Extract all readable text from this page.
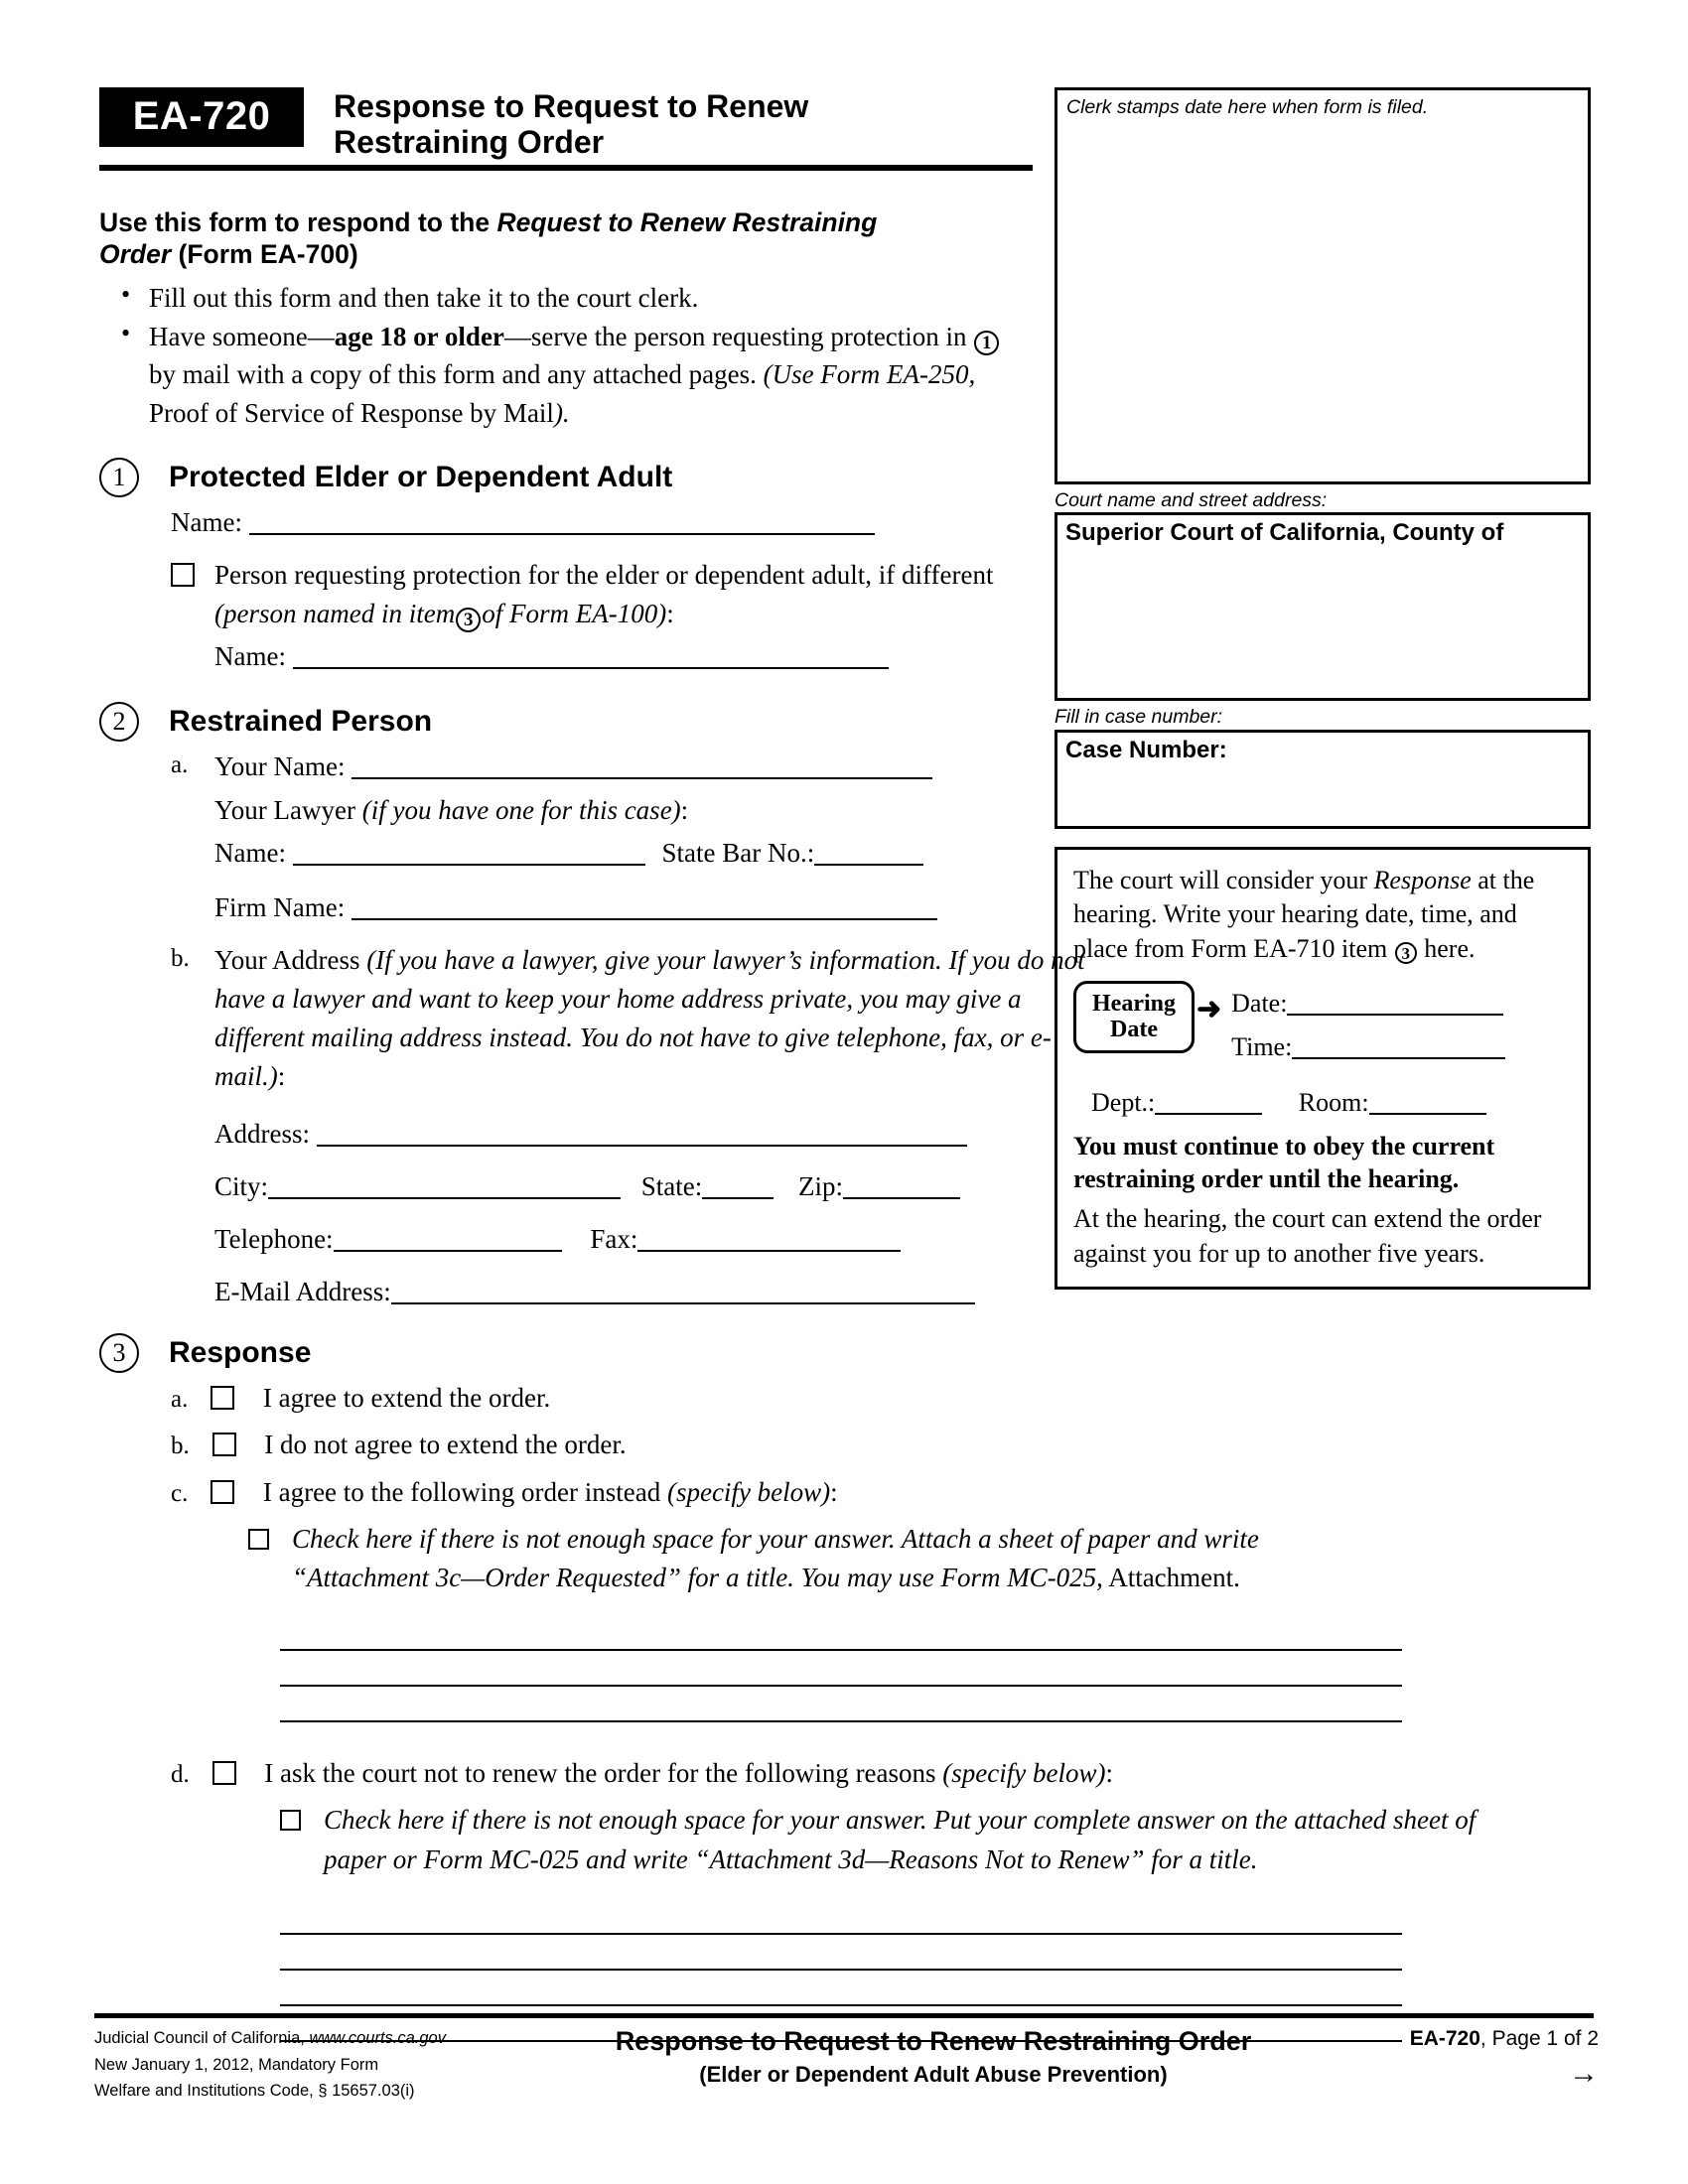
EA-720	Response to Request to Renew
Restraining Order
Use this form to respond to the Request to Renew Restraining Order (Form EA-700)
• Fill out this form and then take it to the court clerk.
• Have someone—age 18 or older—serve the person requesting protection in 1 by mail with a copy of this form and any attached pages. (Use Form EA-250, Proof of Service of Response by Mail).
1	Protected Elder or Dependent Adult
Name:
Person requesting protection for the elder or dependent adult, if different (person named in item 3 of Form EA-100):
Name:
2	Restrained Person
a. Your Name:
Your Lawyer (if you have one for this case):
Name:	State Bar No.:
Firm Name:
b. Your Address (If you have a lawyer, give your lawyer’s information. If you do not have a lawyer and want to keep your home address private, you may give a different mailing address instead. You do not have to give telephone, fax, or e-mail.):
Address:
City:	State:	Zip:
Telephone:	Fax:
E-Mail Address:
3	Response
a.	I agree to extend the order.
b.	I do not agree to extend the order.
c.	I agree to the following order instead (specify below):
Check here if there is not enough space for your answer. Attach a sheet of paper and write “Attachment 3c—Order Requested” for a title. You may use Form MC-025, Attachment.
d.	I ask the court not to renew the order for the following reasons (specify below):
Check here if there is not enough space for your answer. Put your complete answer on the attached sheet of paper or Form MC-025 and write “Attachment 3d—Reasons Not to Renew” for a title.
Clerk stamps date here when form is filed.
Court name and street address:
Superior Court of California, County of
Fill in case number:
Case Number:

The court will consider your Response at the hearing. Write your hearing date, time, and place from Form EA-710 item 3 here.

Hearing
Date
➜ Date:
Time:
Dept.:	Room:
You must continue to obey the current restraining order until the hearing.
At the hearing, the court can extend the order against you for up to another five years.
Judicial Council of California, www.courts.ca.gov
New January 1, 2012, Mandatory Form
Welfare and Institutions Code, § 15657.03(i)
Response to Request to Renew Restraining Order
(Elder or Dependent Adult Abuse Prevention)
EA-720, Page 1 of 2
→
